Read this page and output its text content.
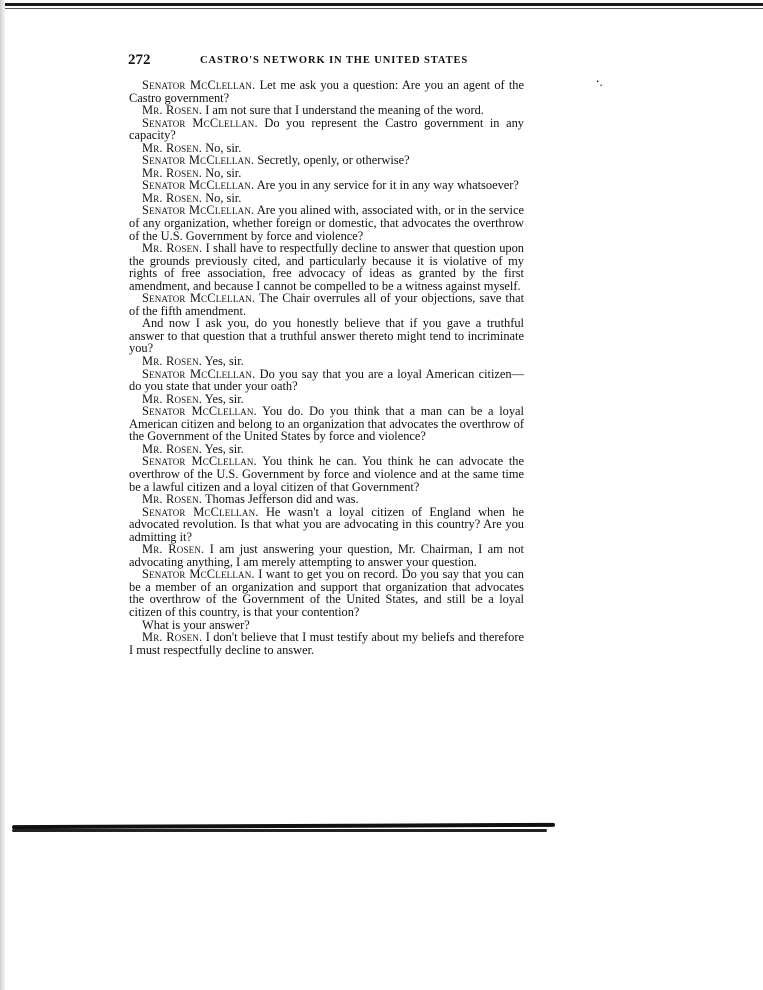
⸱.
272	CASTRO'S NETWORK IN THE UNITED STATES

Senator McClellan. Let me ask you a question: Are you an agent of the Castro government?

Mr. Rosen. I am not sure that I understand the meaning of the word.

Senator McClellan. Do you represent the Castro government in any capacity?

Mr. Rosen. No, sir.

Senator McClellan. Secretly, openly, or otherwise?

Mr. Rosen. No, sir.

Senator McClellan. Are you in any service for it in any way whatsoever?

Mr. Rosen. No, sir.

Senator McClellan. Are you alined with, associated with, or in the service of any organization, whether foreign or domestic, that advocates the overthrow of the U.S. Government by force and violence?

Mr. Rosen. I shall have to respectfully decline to answer that question upon the grounds previously cited, and particularly because it is violative of my rights of free association, free advocacy of ideas as granted by the first amendment, and because I cannot be compelled to be a witness against myself.

Senator McClellan. The Chair overrules all of your objections, save that of the fifth amendment.

And now I ask you, do you honestly believe that if you gave a truthful answer to that question that a truthful answer thereto might tend to incriminate you?

Mr. Rosen. Yes, sir.

Senator McClellan. Do you say that you are a loyal American citizen—do you state that under your oath?

Mr. Rosen. Yes, sir.

Senator McClellan. You do. Do you think that a man can be a loyal American citizen and belong to an organization that advocates the overthrow of the Government of the United States by force and violence?

Mr. Rosen. Yes, sir.

Senator McClellan. You think he can. You think he can advocate the overthrow of the U.S. Government by force and violence and at the same time be a lawful citizen and a loyal citizen of that Government?

Mr. Rosen. Thomas Jefferson did and was.

Senator McClellan. He wasn't a loyal citizen of England when he advocated revolution. Is that what you are advocating in this country? Are you admitting it?

Mr. Rosen. I am just answering your question, Mr. Chairman, I am not advocating anything, I am merely attempting to answer your question.

Senator McClellan. I want to get you on record. Do you say that you can be a member of an organization and support that organization that advocates the overthrow of the Government of the United States, and still be a loyal citizen of this country, is that your contention?

What is your answer?

Mr. Rosen. I don't believe that I must testify about my beliefs and therefore I must respectfully decline to answer.
